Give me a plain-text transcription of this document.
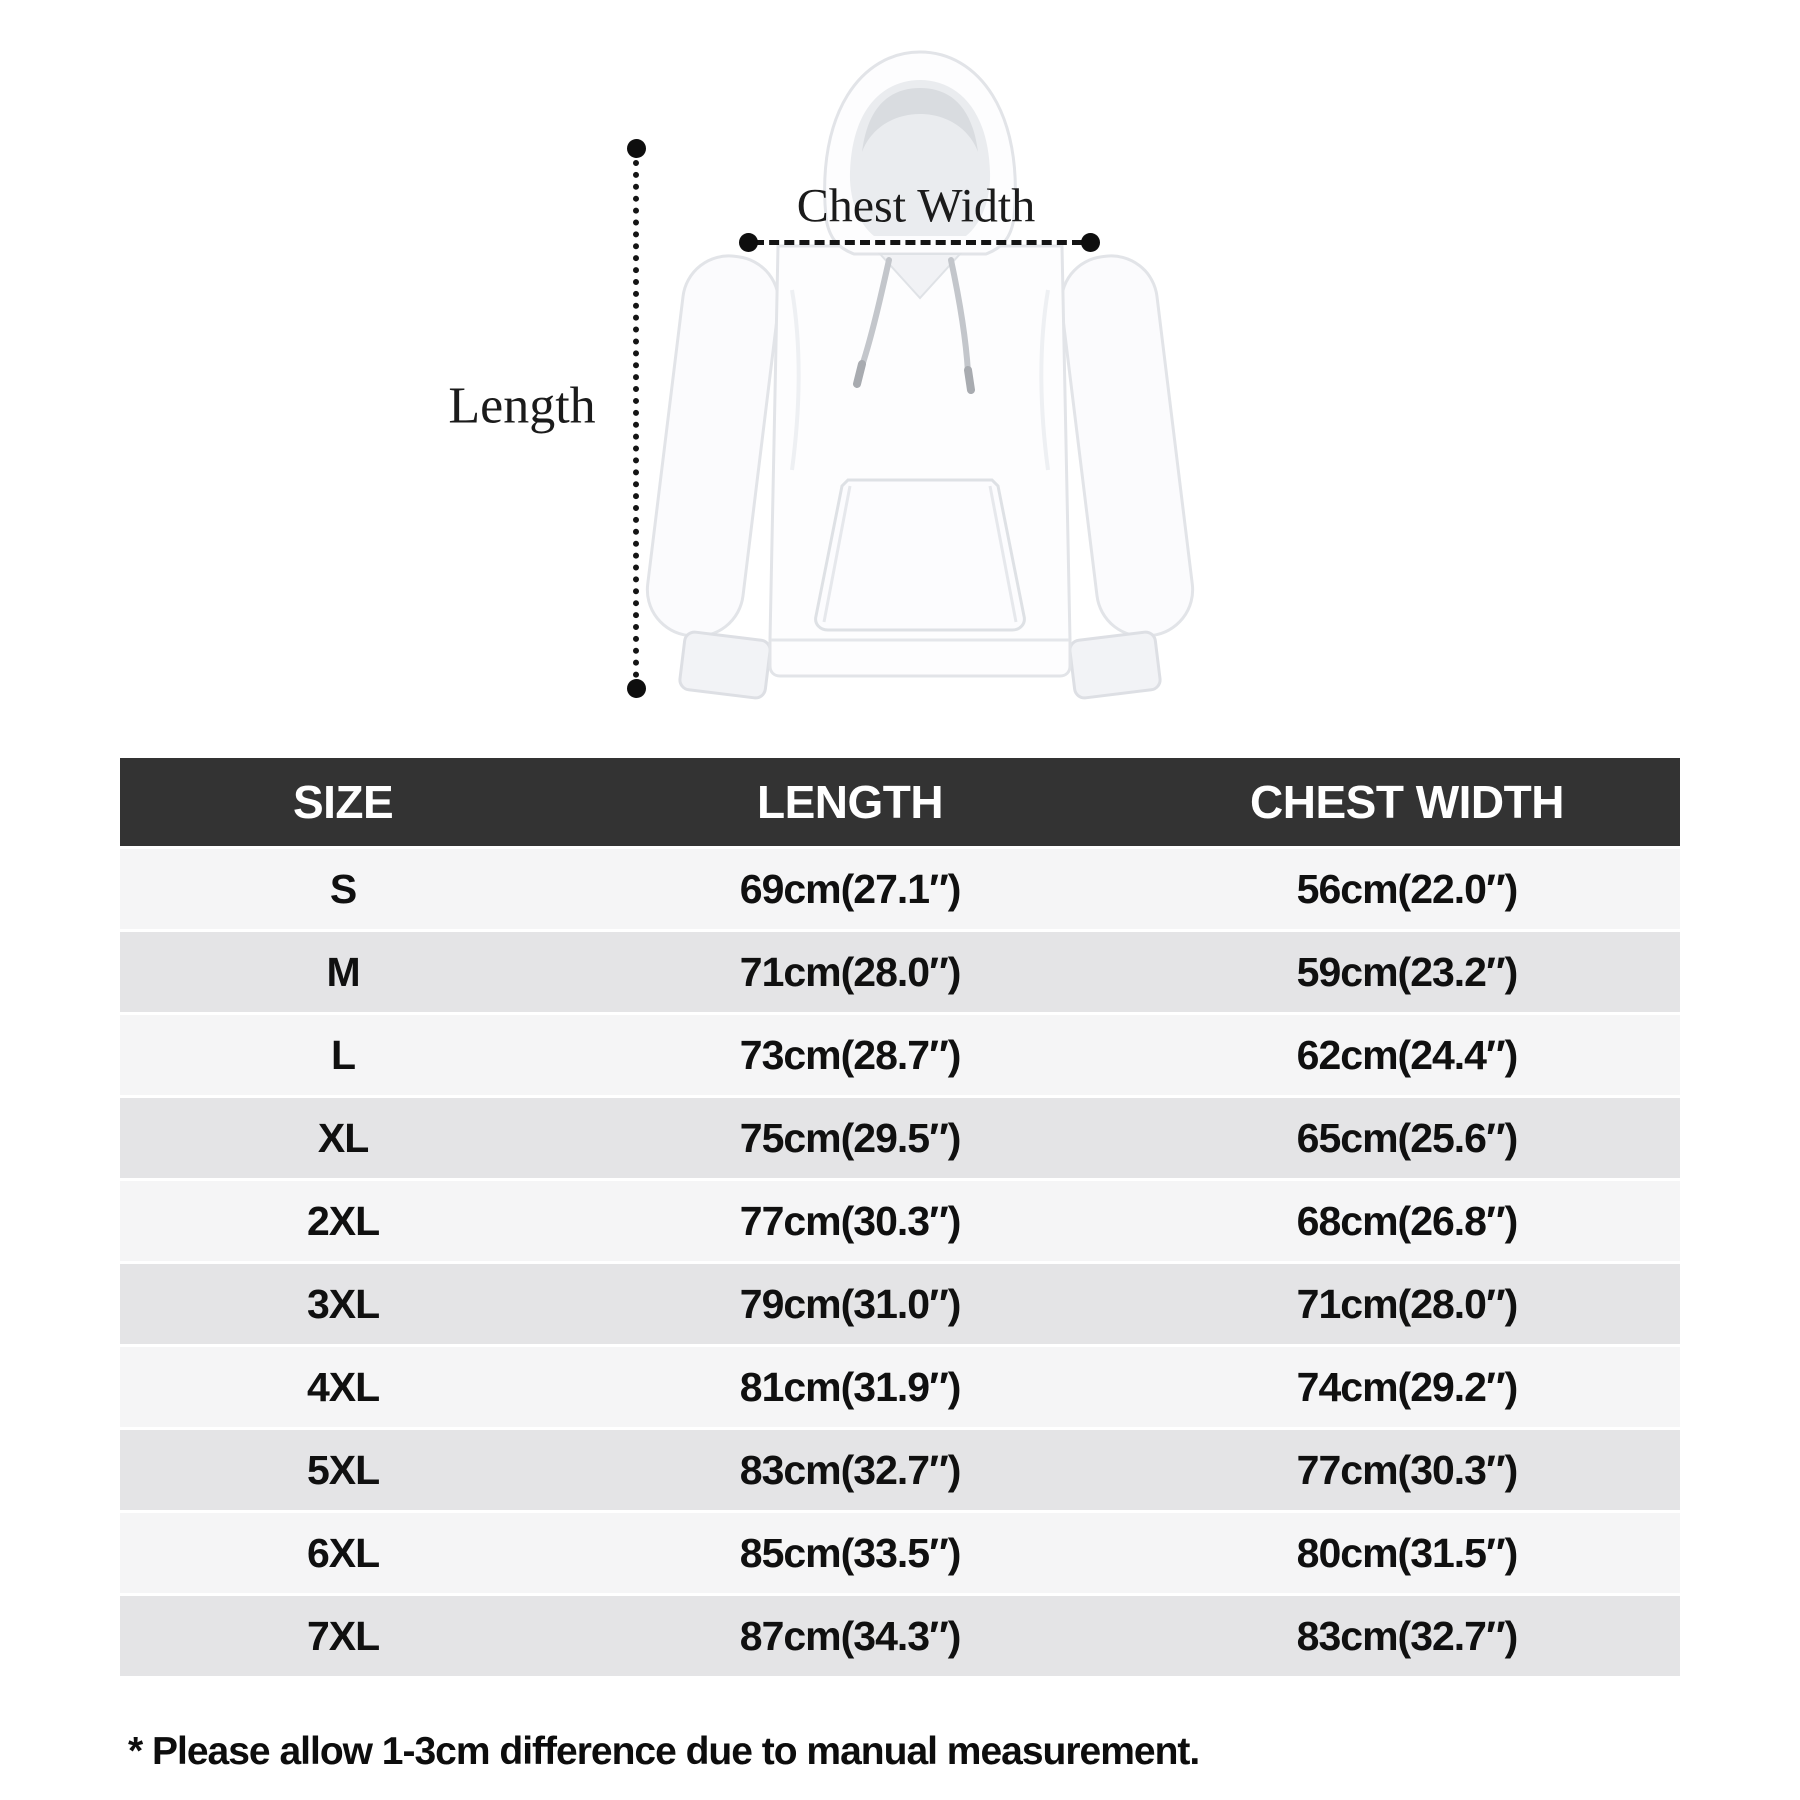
Length
Chest Width
SIZE	LENGTH	CHEST WIDTH
S	69cm(27.1″)	56cm(22.0″)
M	71cm(28.0″)	59cm(23.2″)
L	73cm(28.7″)	62cm(24.4″)
XL	75cm(29.5″)	65cm(25.6″)
2XL	77cm(30.3″)	68cm(26.8″)
3XL	79cm(31.0″)	71cm(28.0″)
4XL	81cm(31.9″)	74cm(29.2″)
5XL	83cm(32.7″)	77cm(30.3″)
6XL	85cm(33.5″)	80cm(31.5″)
7XL	87cm(34.3″)	83cm(32.7″)
* Please allow 1-3cm difference due to manual measurement.
